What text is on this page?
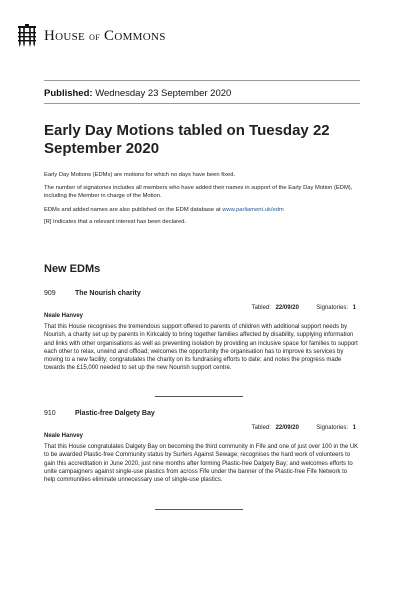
House of Commons
Published: Wednesday 23 September 2020
Early Day Motions tabled on Tuesday 22 September 2020
Early Day Motions (EDMs) are motions for which no days have been fixed.
The number of signatories includes all members who have added their names in support of the Early Day Motion (EDM), including the Member in charge of the Motion.
EDMs and added names are also published on the EDM database at www.parliament.uk/edm
[R] Indicates that a relevant interest has been declared.
New EDMs
909	The Nourish charity
Tabled: 22/09/20	Signatories: 1
Neale Hanvey
That this House recognises the tremendous support offered to parents of children with additional support needs by Nourish, a charity set up by parents in Kirkcaldy to bring together families affected by disability, supplying information and links with other organisations as well as preventing isolation by providing an inclusive space for families to support each other to relax, unwind and offload; welcomes the opportunity the organisation has to improve its services by moving to a new facility; congratulates the charity on its fundraising efforts to date; and notes the progress made towards the £15,000 needed to set up the new Nourish support centre.
910	Plastic-free Dalgety Bay
Tabled: 22/09/20	Signatories: 1
Neale Hanvey
That this House congratulates Dalgety Bay on becoming the third community in Fife and one of just over 100 in the UK to be awarded Plastic-free Community status by Surfers Against Sewage; recognises the hard work of volunteers to gain this accreditation in June 2020, just nine months after forming Plastic-free Dalgety Bay; and welcomes efforts to unite campaigners against single-use plastics from across Fife under the banner of the Plastic-free Fife Network to help communities eliminate unnecessary use of single-use plastics.
